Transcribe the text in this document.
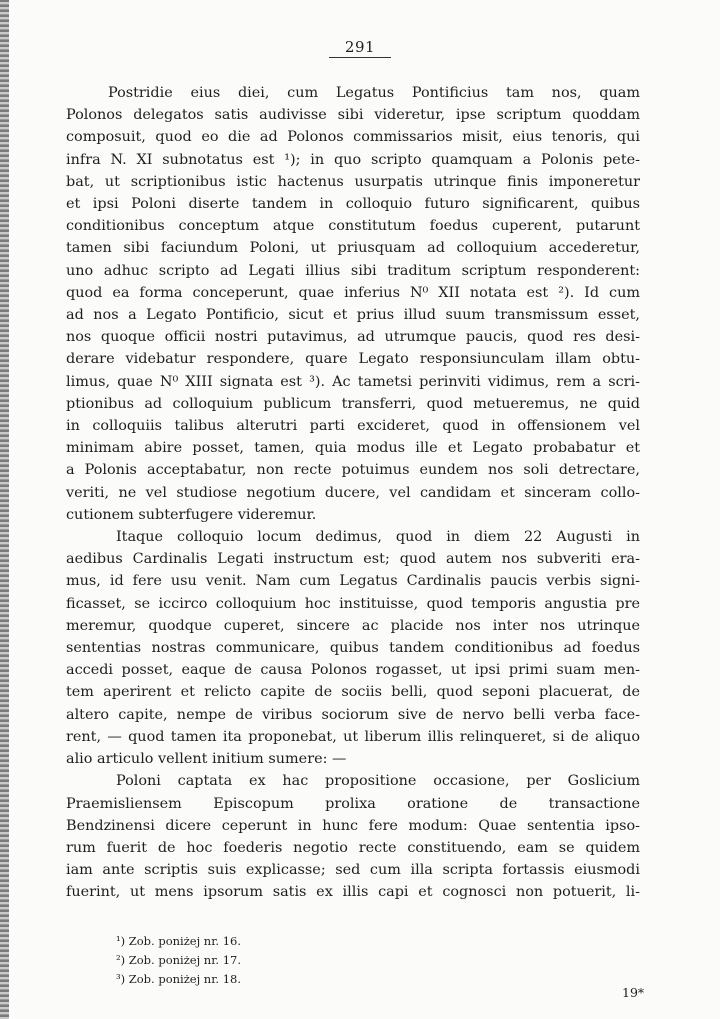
291
Postridie eius diei, cum Legatus Pontificius tam nos, quam
Polonos delegatos satis audivisse sibi videretur, ipse scriptum quoddam
composuit, quod eo die ad Polonos commissarios misit, eius tenoris, qui
infra N. XI subnotatus est ¹); in quo scripto quamquam a Polonis pete-
bat, ut scriptionibus istic hactenus usurpatis utrinque finis imponeretur
et ipsi Poloni diserte tandem in colloquio futuro significarent, quibus
conditionibus conceptum atque constitutum foedus cuperent, putarunt
tamen sibi faciundum Poloni, ut priusquam ad colloquium accederetur,
uno adhuc scripto ad Legati illius sibi traditum scriptum responderent:
quod ea forma conceperunt, quae inferius N⁰ XII notata est ²). Id cum
ad nos a Legato Pontificio, sicut et prius illud suum transmissum esset,
nos quoque officii nostri putavimus, ad utrumque paucis, quod res desi-
derare videbatur respondere, quare Legato responsiunculam illam obtu-
limus, quae N⁰ XIII signata est ³). Ac tametsi perinviti vidimus, rem a scri-
ptionibus ad colloquium publicum transferri, quod metueremus, ne quid
in colloquiis talibus alterutri parti excideret, quod in offensionem vel
minimam abire posset, tamen, quia modus ille et Legato probabatur et
a Polonis acceptabatur, non recte potuimus eundem nos soli detrectare,
veriti, ne vel studiose negotium ducere, vel candidam et sinceram collo-
cutionem subterfugere videremur.
Itaque colloquio locum dedimus, quod in diem 22 Augusti in
aedibus Cardinalis Legati instructum est; quod autem nos subveriti era-
mus, id fere usu venit. Nam cum Legatus Cardinalis paucis verbis signi-
ficasset, se iccirco colloquium hoc instituisse, quod temporis angustia pre
meremur, quodque cuperet, sincere ac placide nos inter nos utrinque
sententias nostras communicare, quibus tandem conditionibus ad foedus
accedi posset, eaque de causa Polonos rogasset, ut ipsi primi suam men-
tem aperirent et relicto capite de sociis belli, quod seponi placuerat, de
altero capite, nempe de viribus sociorum sive de nervo belli verba face-
rent, — quod tamen ita proponebat, ut liberum illis relinqueret, si de aliquo
alio articulo vellent initium sumere: —
Poloni captata ex hac propositione occasione, per Goslicium
Praemisliensem Episcopum prolixa oratione de transactione
Bendzinensi dicere ceperunt in hunc fere modum: Quae sententia ipso-
rum fuerit de hoc foederis negotio recte constituendo, eam se quidem
iam ante scriptis suis explicasse; sed cum illa scripta fortassis eiusmodi
fuerint, ut mens ipsorum satis ex illis capi et cognosci non potuerit, li-
¹) Zob. poniżej nr. 16.
²) Zob. poniżej nr. 17.
³) Zob. poniżej nr. 18.
19*
